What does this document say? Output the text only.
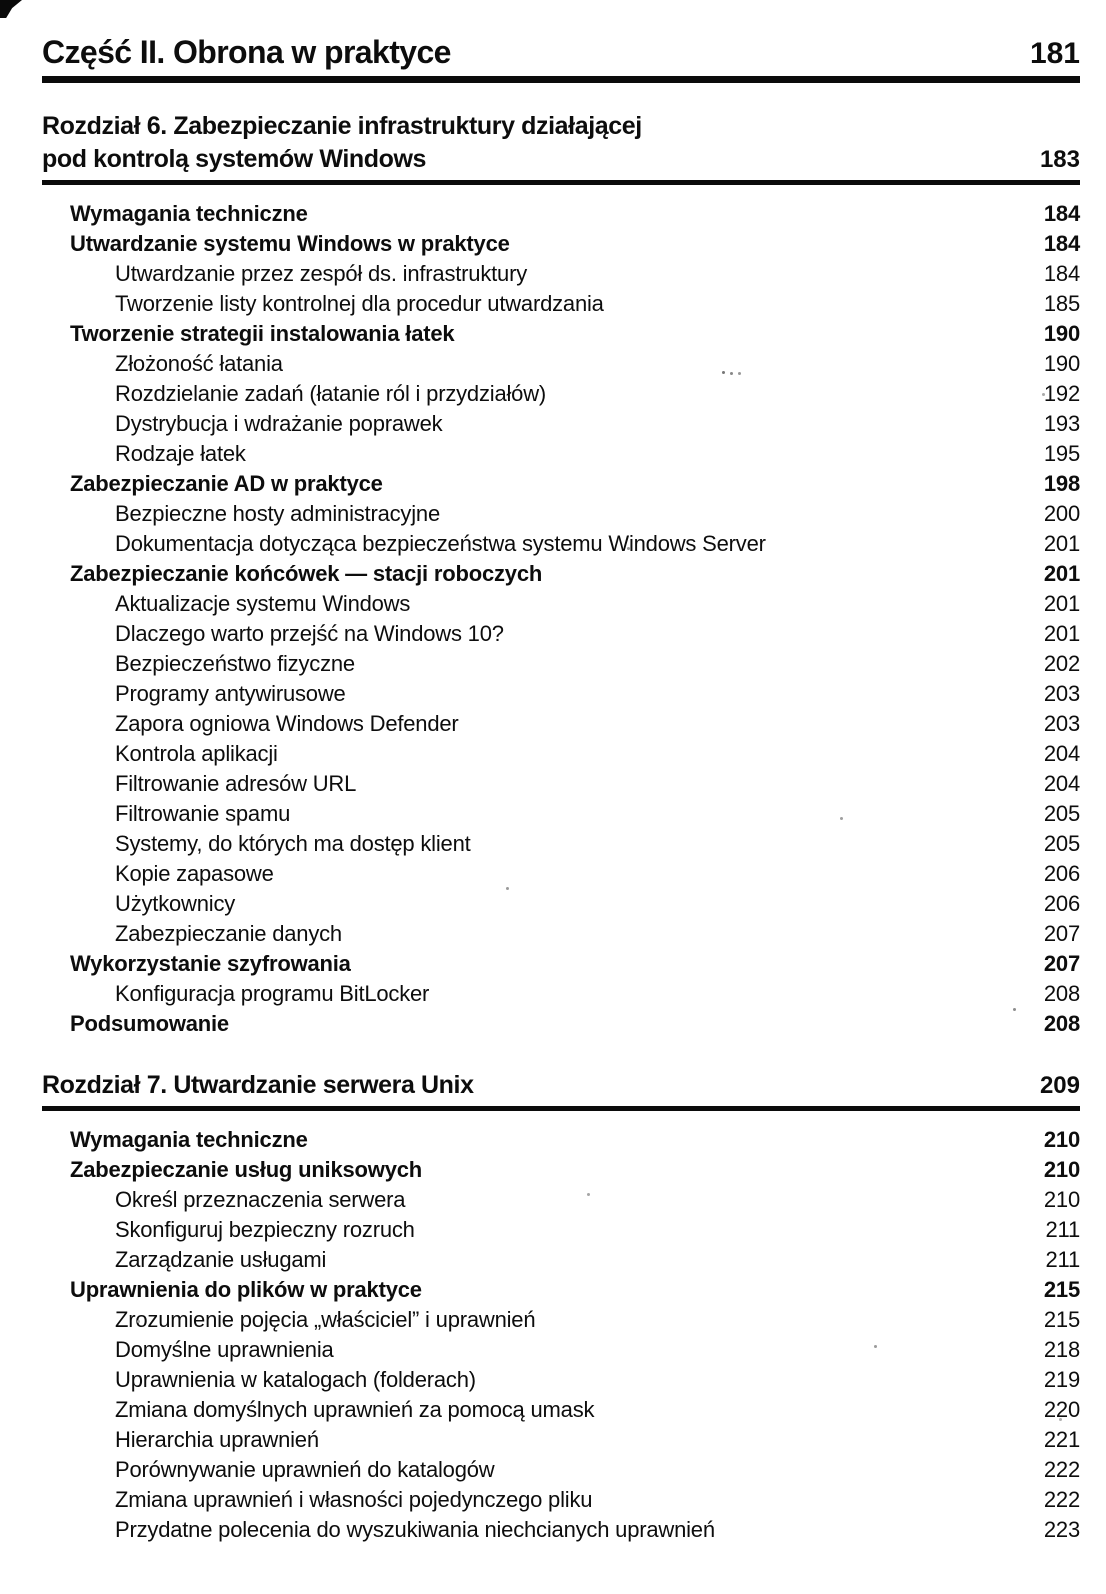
Część II. Obrona w praktyce	181
Rozdział 6. Zabezpieczanie infrastruktury działającej
pod kontrolą systemów Windows	183
Wymagania techniczne	184
Utwardzanie systemu Windows w praktyce	184
Utwardzanie przez zespół ds. infrastruktury	184
Tworzenie listy kontrolnej dla procedur utwardzania	185
Tworzenie strategii instalowania łatek	190
Złożoność łatania	190
Rozdzielanie zadań (łatanie ról i przydziałów)	192
Dystrybucja i wdrażanie poprawek	193
Rodzaje łatek	195
Zabezpieczanie AD w praktyce	198
Bezpieczne hosty administracyjne	200
Dokumentacja dotycząca bezpieczeństwa systemu Windows Server	201
Zabezpieczanie końcówek — stacji roboczych	201
Aktualizacje systemu Windows	201
Dlaczego warto przejść na Windows 10?	201
Bezpieczeństwo fizyczne	202
Programy antywirusowe	203
Zapora ogniowa Windows Defender	203
Kontrola aplikacji	204
Filtrowanie adresów URL	204
Filtrowanie spamu	205
Systemy, do których ma dostęp klient	205
Kopie zapasowe	206
Użytkownicy	206
Zabezpieczanie danych	207
Wykorzystanie szyfrowania	207
Konfiguracja programu BitLocker	208
Podsumowanie	208
Rozdział 7. Utwardzanie serwera Unix	209
Wymagania techniczne	210
Zabezpieczanie usług uniksowych	210
Określ przeznaczenia serwera	210
Skonfiguruj bezpieczny rozruch	211
Zarządzanie usługami	211
Uprawnienia do plików w praktyce	215
Zrozumienie pojęcia „właściciel” i uprawnień	215
Domyślne uprawnienia	218
Uprawnienia w katalogach (folderach)	219
Zmiana domyślnych uprawnień za pomocą umask	220
Hierarchia uprawnień	221
Porównywanie uprawnień do katalogów	222
Zmiana uprawnień i własności pojedynczego pliku	222
Przydatne polecenia do wyszukiwania niechcianych uprawnień	223
